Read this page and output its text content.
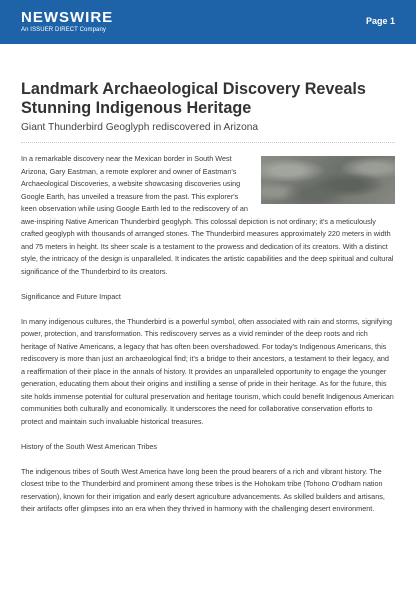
NEWSWIRE
An ISSUER DIRECT Company
Page 1
Landmark Archaeological Discovery Reveals Stunning Indigenous Heritage
Giant Thunderbird Geoglyph rediscovered in Arizona

In a remarkable discovery near the Mexican border in South West Arizona, Gary Eastman, a remote explorer and owner of Eastman's Archaeological Discoveries, a website showcasing discoveries using Google Earth, has unveiled a treasure from the past. This explorer's keen observation while using Google Earth led to the rediscovery of an awe-inspiring Native American Thunderbird geoglyph. This colossal depiction is not ordinary; it's a meticulously crafted geoglyph with thousands of arranged stones. The Thunderbird measures approximately 220 meters in width and 75 meters in height. Its sheer scale is a testament to the prowess and dedication of its creators. With a distinct style, the intricacy of the design is unparalleled. It indicates the artistic capabilities and the deep spiritual and cultural significance of the Thunderbird to its creators.

Significance and Future Impact

In many indigenous cultures, the Thunderbird is a powerful symbol, often associated with rain and storms, signifying power, protection, and transformation. This rediscovery serves as a vivid reminder of the deep roots and rich heritage of Native Americans, a legacy that has often been overshadowed. For today's Indigenous Americans, this rediscovery is more than just an archaeological find; it's a bridge to their ancestors, a testament to their legacy, and a reaffirmation of their place in the annals of history. It provides an unparalleled opportunity to engage the younger generation, educating them about their origins and instilling a sense of pride in their heritage. As for the future, this site holds immense potential for cultural preservation and heritage tourism, which could benefit Indigenous American communities both culturally and economically. It underscores the need for collaborative conservation efforts to protect and maintain such invaluable historical treasures.

History of the South West American Tribes

The indigenous tribes of South West America have long been the proud bearers of a rich and vibrant history. The closest tribe to the Thunderbird and prominent among these tribes is the Hohokam tribe (Tohono O'odham nation reservation), known for their irrigation and early desert agriculture advancements. As skilled builders and artisans, their artifacts offer glimpses into an era when they thrived in harmony with the challenging desert environment.
